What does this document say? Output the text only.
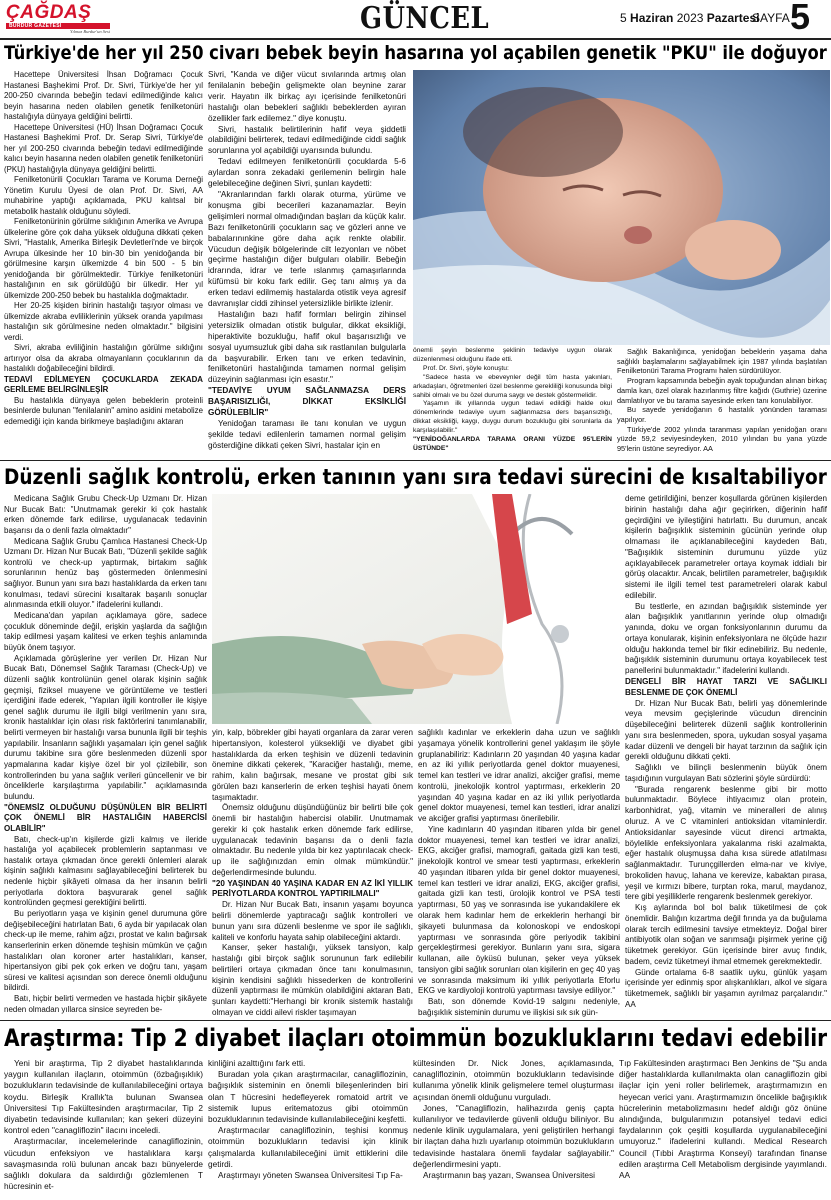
ÇAĞDAŞ
BURDUR GAZETESİ
Yılmaz Burdur'un Sesi	GÜNCEL	5 Haziran 2023 Pazartesi
SAYFA 5
Türkiye'de her yıl 250 civarı bebek beyin hasarına yol açabilen genetik "PKU" ile doğuyor

Hacettepe Üniversitesi İhsan Doğramacı Çocuk Hastanesi Başhekimi Prof. Dr. Sivri, Türkiye'de her yıl 200-250 civarında bebeğin tedavi edilmediğinde kalıcı beyin hasarına neden olabilen genetik fenilketonüri hastalığıyla dünyaya geldiğini belirtti.

Hacettepe Üniversitesi (HÜ) İhsan Doğramacı Çocuk Hastanesi Başhekimi Prof. Dr. Serap Sivri, Türkiye'de her yıl 200-250 civarında bebeğin tedavi edilmediğinde kalıcı beyin hasarına neden olabilen genetik fenilketonüri (PKU) hastalığıyla dünyaya geldiğini belirtti.

Fenilketonürili Çocukları Tarama ve Koruma Derneği Yönetim Kurulu Üyesi de olan Prof. Dr. Sivri, AA muhabirine yaptığı açıklamada, PKU kalıtsal bir metabolik hastalık olduğunu söyledi.

Fenilketonürinin görülme sıklığının Amerika ve Avrupa ülkelerine göre çok daha yüksek olduğuna dikkati çeken Sivri, "Hastalık, Amerika Birleşik Devletleri'nde ve birçok Avrupa ülkesinde her 10 bin-30 bin yenidoğanda bir görülmesine karşın ülkemizde 4 bin 500 - 5 bin yenidoğanda bir görülmektedir. Türkiye fenilketonüri hastalığının en sık görüldüğü bir ülkedir. Her yıl ülkemizde 200-250 bebek bu hastalıkla doğmaktadır.

Her 20-25 kişiden birinin hastalığı taşıyor olması ve ülkemizde akraba evliliklerinin yüksek oranda yapılması hastalığın sık görülmesine neden olmaktadır." bilgisini verdi.

Sivri, akraba evliliğinin hastalığın görülme sıklığını artırıyor olsa da akraba olmayanların çocuklarının da hastalıklı doğabileceğini bildirdi.

TEDAVİ EDİLMEYEN ÇOCUKLARDA ZEKADA GERİLEME BELİRGİNLEŞİR

Bu hastalıkla dünyaya gelen bebeklerin proteinli besinlerde bulunan "fenilalanin" amino asidini metabolize edemediği için kanda birikmeye başladığını aktaran

Sivri, "Kanda ve diğer vücut sıvılarında artmış olan fenilalanin bebeğin gelişmekte olan beynine zarar verir. Hayatın ilk birkaç ayı içerisinde fenilketonüri hastalığı olan bebekleri sağlıklı bebeklerden ayıran özellikler fark edilemez." diye konuştu.

Sivri, hastalık belirtilerinin hafif veya şiddetli olabildiğini belirterek, tedavi edilmediğinde ciddi sağlık sorunlarına yol açabildiği uyarısında bulundu.

Tedavi edilmeyen fenilketonürili çocuklarda 5-6 aylardan sonra zekadaki gerilemenin belirgin hale gelebileceğine değinen Sivri, şunları kaydetti:

"Akranlarından farklı olarak oturma, yürüme ve konuşma gibi becerileri kazanamazlar. Beyin gelişimleri normal olmadığından başları da küçük kalır. Bazı fenilketonürili çocukların saç ve gözleri anne ve babalarınınkine göre daha açık renkte olabilir. Vücudun değişik bölgelerinde cilt lezyonları ve nöbet geçirme hastalığın diğer bulguları olabilir. Bebeğin idrarında, idrar ve terle ıslanmış çamaşırlarında küfümsü bir koku fark edilir. Geç tanı almış ya da erken tedavi edilmemiş hastalarda otistik veya agresif davranışlar ciddi zihinsel yetersizlikle birlikte izlenir.

Hastalığın bazı hafif formları belirgin zihinsel yetersizlik olmadan otistik bulgular, dikkat eksikliği, hiperaktivite bozukluğu, hafif okul başarısızlığı ve sosyal uyumsuzluk gibi daha sık rastlanılan bulgularla da başvurabilir. Erken tanı ve erken tedavinin, fenilketonüri hastalığında tamamen normal gelişim düzeyinin sağlanması için esastır."

"TEDAVİYE UYUM SAĞLANMAZSA DERS BAŞARISIZLIĞI, DİKKAT EKSİKLİĞİ GÖRÜLEBİLİR"

Yenidoğan taraması ile tanı konulan ve uygun şekilde tedavi edilenlerin tamamen normal gelişim gösterdiğine dikkati çeken Sivri, hastalar için en

önemli şeyin beslenme şeklinin tedaviye uygun olarak düzenlenmesi olduğunu ifade etti.

Prof. Dr. Sivri, şöyle konuştu:

"Sadece hasta ve ebeveynler değil tüm hasta yakınları, arkadaşları, öğretmenleri özel beslenme gerekliliği konusunda bilgi sahibi olmalı ve bu özel duruma saygı ve destek göstermelidir.

Yaşamın ilk yıllarında uygun tedavi edildiği halde okul dönemlerinde tedaviye uyum sağlanmazsa ders başarısızlığı, dikkat eksikliği, kaygı, duygu durum bozukluğu gibi sorunlarla da karşılaşılabilir."

"YENİDOĞANLARDA TARAMA ORANI YÜZDE 95'LERİN ÜSTÜNDE"

Sağlık Bakanlığınca, yenidoğan bebeklerin yaşama daha sağlıklı başlamalarını sağlayabilmek için 1987 yılında başlatılan Fenilketonüri Tarama Programı halen sürdürülüyor.

Program kapsamında bebeğin ayak topuğundan alınan birkaç damla kan, özel olarak hazırlanmış filtre kağıdı (Guthrie) üzerine damlatılıyor ve bu tarama sayesinde erken tanı konulabiliyor.

Bu sayede yenidoğanın 6 hastalık yönünden taraması yapılıyor.

Türkiye'de 2002 yılında taranması yapılan yenidoğan oranı yüzde 59,2 seviyesindeyken, 2010 yılından bu yana yüzde 95'lerin üstüne seyrediyor. AA

Düzenli sağlık kontrolü, erken tanının yanı sıra tedavi sürecini de kısaltabiliyor

Medicana Sağlık Grubu Check-Up Uzmanı Dr. Hizan Nur Bucak Batı: "Unutmamak gerekir ki çok hastalık erken dönemde fark edilirse, uygulanacak tedavinin başarısı da o denli fazla olmaktadır"

Medicana Sağlık Grubu Çamlıca Hastanesi Check-Up Uzmanı Dr. Hizan Nur Bucak Batı, "Düzenli şekilde sağlık kontrolü ve check-up yaptırmak, birtakım sağlık sorunlarının henüz baş göstermeden önlenmesini sağlıyor. Bunun yanı sıra bazı hastalıklarda da erken tanı konulması, tedavi sürecini kısaltarak başarılı sonuçlar alınmasında etkili oluyor." ifadelerini kullandı.

Medicana'dan yapılan açıklamaya göre, sadece çocukluk döneminde değil, erişkin yaşlarda da sağlığın takip edilmesi yaşam kalitesi ve erken teşhis anlamında büyük önem taşıyor.

Açıklamada görüşlerine yer verilen Dr. Hizan Nur Bucak Batı, Dönemsel Sağlık Taraması (Check-Up) ve düzenli sağlık kontrolünün genel olarak kişinin sağlık geçmişi, fiziksel muayene ve görüntüleme ve testleri içerdiğini ifade ederek, "Yapılan ilgili kontroller ile kişiye genel sağlık durumu ile ilgili bilgi verilmenin yanı sıra, kronik hastalıklar için olası risk faktörlerini tanımlanabilir, belirti vermeyen bir hastalığı varsa bununla ilgili bir teşhis yapılabilir. İnsanların sağlıklı yaşamaları için genel sağlık durumu takibine sıra göre beslenmeden düzenli spor yapmalarına kadar kişiye özel bir yol çizilebilir, son kontrollerinden bu yana sağlık verileri güncellenir ve bir önceliklerle karşılaştırma yapılabilir." açıklamasında bulundu.

"ÖNEMSİZ OLDUĞUNU DÜŞÜNÜLEN BİR BELİRTİ ÇOK ÖNEMLİ BİR HASTALIĞIN HABERCİSİ OLABİLİR"

Batı, check-up'ın kişilerde gizli kalmış ve ileride hastalığa yol açabilecek problemlerin saptanması ve hastalık ortaya çıkmadan önce gerekli önlemleri alarak kişinin sağlıklı kalmasını sağlayabileceğini belirterek bu nedenle hiçbir şikâyeti olmasa da her insanın belirli periyotlarla doktora başvurarak genel sağlık kontrolünden geçmesi gerektiğini belirtti.

Bu periyotların yaşa ve kişinin genel durumuna göre değişebileceğini hatırlatan Batı, 6 ayda bir yapılacak olan check-up ile meme, rahim ağzı, prostat ve kalın bağırsak kanserlerinin erken dönemde teşhisin mümkün ve çağın hastalıkları olan koroner arter hastalıkları, kanser, hipertansiyon gibi pek çok erken ve doğru tanı, yaşam süresi ve kalitesi açısından son derece önemli olduğunu bildirdi.

Batı, hiçbir belirti vermeden ve hastada hiçbir şikâyete neden olmadan yıllarca sinsice seyreden be-

deme getirildiğini, benzer koşullarda görünen kişilerden birinin hastalığı daha ağır geçirirken, diğerinin hafif geçirdiğini ve iyileştiğini hatırlattı. Bu durumun, ancak kişilerin bağışıklık sisteminin gücünün yerinde olup olmaması ile açıklanabileceğini kaydeden Batı, "Bağışıklık sisteminin durumunu yüzde yüz açıklayabilecek parametreler ortaya koymak iddialı bir görüş olacaktır. Ancak, belirtilen parametreler, bağışıklık sistemi ile ilgili temel test parametreleri olarak kabul edilebilir.

Bu testlerle, en azından bağışıklık sisteminde yer alan bağışıklık yanıtlarının yerinde olup olmadığı yanında, doku ve organ fonksiyonlarının durumu da ortaya konularak, kişinin enfeksiyonlara ne ölçüde hazır olduğu hakkında temel bir fikir edinebiliriz. Bu nedenle, bağışıklık sisteminin durumunu ortaya koyabilecek test panellerini bulunmaktadır." ifadelerini kullandı.

DENGELİ BİR HAYAT TARZI VE SAĞLIKLI BESLENME DE ÇOK ÖNEMLİ

Dr. Hizan Nur Bucak Batı, belirli yaş dönemlerinde veya mevsim geçişlerinde vücudun direncinin düşebileceğini belirterek düzenli sağlık kontrollerinin yanı sıra beslenmeden, spora, uykudan sosyal yaşama kadar düzenli ve dengeli bir hayat tarzının da sağlık için gerekli olduğunu dikkati çekti.

Sağlıklı ve bilinçli beslenmenin büyük önem taşıdığının vurgulayan Batı sözlerini şöyle sürdürdü:

"Burada rengarenk beslenme gibi bir motto bulunmaktadır. Böylece ihtiyacımız olan protein, karbonhidrat, yağ, vitamin ve mineralleri de alınış oluruz. A ve C vitaminleri antioksidan vitaminlerdir. Antioksidanlar sayesinde vücut direnci artmakta, böylelikle enfeksiyonlara yakalanma riski azalmakta, eğer hastalık oluşmuşsa daha kısa sürede atlatılması sağlanmaktadır. Turunçgillerden elma-nar ve kiviye, brokoliden havuç, lahana ve kerevize, kabaktan pırasa, yeşil ve kırmızı bibere, turptan roka, marul, maydanoz, tere gibi yeşilliklerle rengarenk beslenmek gerekiyor.

Kış aylarında bol bol balık tüketilmesi de çok önemlidir. Balığın kızartma değil fırında ya da buğulama olarak tercih edilmesini tavsiye etmekteyiz. Doğal birer antibiyotik olan soğan ve sarımsağı pişirmek yerine çiğ tüketmek gerekiyor. Gün içerisinde birer avuç fındık, badem, ceviz tüketmeyi ihmal etmemek gerekmektedir.

Günde ortalama 6-8 saatlik uyku, günlük yaşam içerisinde yer edinmiş spor alışkanlıkları, alkol ve sigara tüketmemek, sağlıklı bir yaşamın ayrılmaz parçalarıdır." AA

yin, kalp, böbrekler gibi hayati organlara da zarar veren hipertansiyon, kolesterol yüksekliği ve diyabet gibi hastalıklarda da erken teşhisin ve düzenli tedavinin önemine dikkati çekerek, "Karaciğer hastalığı, meme, rahim, kalın bağırsak, mesane ve prostat gibi sık görülen bazı kanserlerin de erken teşhisi hayati önem taşımaktadır.

Önemsiz olduğunu düşündüğünüz bir belirti bile çok önemli bir hastalığın habercisi olabilir. Unutmamak gerekir ki çok hastalık erken dönemde fark edilirse, uygulanacak tedavinin başarısı da o denli fazla olmaktadır. Bu nedenle yılda bir kez yaptırılacak check-up ile sağlığınızdan emin olmak mümkündür." değerlendirmesinde bulundu.

"20 YAŞINDAN 40 YAŞINA KADAR EN AZ İKİ YILLIK PERİYOTLARDA KONTROL YAPTIRILMALI"

Dr. Hizan Nur Bucak Batı, insanın yaşamı boyunca belirli dönemlerde yaptıracağı sağlık kontrolleri ve bunun yanı sıra düzenli beslenme ve spor ile sağlıklı, kaliteli ve konforlu hayata sahip olabileceğini aktardı.

Kanser, şeker hastalığı, yüksek tansiyon, kalp hastalığı gibi birçok sağlık sorununun fark edilebilir belirtileri ortaya çıkmadan önce tanı konulmasının, kişinin kendisini sağlıklı hissederken de kontrollerini düzenli yaptırması ile mümkün olabildiğini aktaran Batı, şunları kaydetti:"Herhangi bir kronik sistemik hastalığı olmayan ve ciddi ailevi riskler taşımayan

sağlıklı kadınlar ve erkeklerin daha uzun ve sağlıklı yaşamaya yönelik kontrollerini genel yaklaşım ile şöyle gruplanabiliriz: Kadınların 20 yaşından 40 yaşına kadar en az iki yıllık periyotlarda genel doktor muayenesi, temel kan testleri ve idrar analizi, akciğer grafisi, meme kontrolü, jinekolojik kontrol yaptırması, erkeklerin 20 yaşından 40 yaşına kadar en az iki yıllık periyotlarda genel doktor muayenesi, temel kan testleri, idrar analizi ve akciğer grafisi yaptırması önerilebilir.

Yine kadınların 40 yaşından itibaren yılda bir genel doktor muayenesi, temel kan testleri ve idrar analizi, EKG, akciğer grafisi, mamografi, gaitada gizli kan testi, jinekolojik kontrol ve smear testi yaptırması, erkeklerin 40 yaşından itibaren yılda bir genel doktor muayenesi, temel kan testleri ve idrar analizi, EKG, akciğer grafisi, gaitada gizli kan testi, ürolojik kontrol ve PSA testi yaptırması, 50 yaş ve sonrasında ise yukarıdakilere ek olarak hem kadınlar hem de erkeklerin herhangi bir şikayeti bulunmasa da kolonoskopi ve endoskopi yaptırması ve sonrasında göre periyodik takibini gerçekleştirmesi gerekiyor. Bunların yanı sıra, sigara kullanan, aile öyküsü bulunan, şeker veya yüksek tansiyon gibi sağlık sorunları olan kişilerin en geç 40 yaş ve sonrasında maksimum iki yıllık periyotlarla Eforlu EKG ve kardiyoloji kontrolü yaptırması tavsiye ediliyor."

Batı, son dönemde Kovid-19 salgını nedeniyle, bağışıklık sisteminin durumu ve ilişkisi sık sık gün-

Araştırma: Tip 2 diyabet ilaçları otoimmün bozukluklarını tedavi edebilir

Yeni bir araştırma, Tip 2 diyabet hastalıklarında yaygın kullanılan ilaçların, otoimmün (özbağışıklık) bozuklukların tedavisinde de kullanılabileceğini ortaya koydu. Birleşik Krallık'ta bulunan Swansea Üniversitesi Tıp Fakültesinden araştırmacılar, Tip 2 diyabetin tedavisinde kullanılan; kan şekeri düzeyini kontrol eden "canagliflozin" ilacını inceledi.

Araştırmacılar, incelemelerinde canagliflozinin, vücudun enfeksiyon ve hastalıklara karşı savaşmasında rolü bulunan ancak bazı bünyelerde sağlıklı dokulara da saldırdığı gözlemlenen T hücresinin et-

kinliğini azalttığını fark etti.

Buradan yola çıkan araştırmacılar, canagliflozinin, bağışıklık sisteminin en önemli bileşenlerinden biri olan T hücresini hedefleyerek romatoid artrit ve sistemik lupus eritematozus gibi otoimmün bozukluklarının tedavisinde kullanılabileceğini keşfetti.

Araştırmacılar canagliflozinin, teşhisi konmuş otoimmün bozuklukların tedavisi için klinik çalışmalarda kullanılabileceğini ümit ettiklerini dile getirdi.

Araştırmayı yöneten Swansea Üniversitesi Tıp Fa-

kültesinden Dr. Nick Jones, açıklamasında, canagliflozinin, otoimmün bozuklukların tedavisinde kullanıma yönelik klinik gelişmelere temel oluşturması açısından önemli olduğunu vurguladı.

Jones, "Canagliflozin, halihazırda geniş çapta kullanılıyor ve tedavilerde güvenli olduğu biliniyor. Bu nedenle klinik uygulamalara, yeni geliştirilen herhangi bir ilaçtan daha hızlı uyarlanıp otoimmün bozuklukların tedavisinde hastalara önemli faydalar sağlayabilir." değerlendirmesini yaptı.

Araştırmanın baş yazarı, Swansea Üniversitesi

Tıp Fakültesinden araştırmacı Ben Jenkins de "Şu anda diğer hastalıklarda kullanılmakta olan canagliflozin gibi ilaçlar için yeni roller belirlemek, araştırmamızın en heyecan verici yanı. Araştırmamızın öncelikle bağışıklık hücrelerinin metabolizmasını hedef aldığı göz önüne alındığında, bulgularımızın potansiyel tedavi edici faydalarının çok çeşitli koşullarda uygulanabileceğini umuyoruz." ifadelerini kullandı. Medical Research Council (Tıbbi Araştırma Konseyi) tarafından finanse edilen araştırma Cell Metabolism dergisinde yayımlandı. AA
